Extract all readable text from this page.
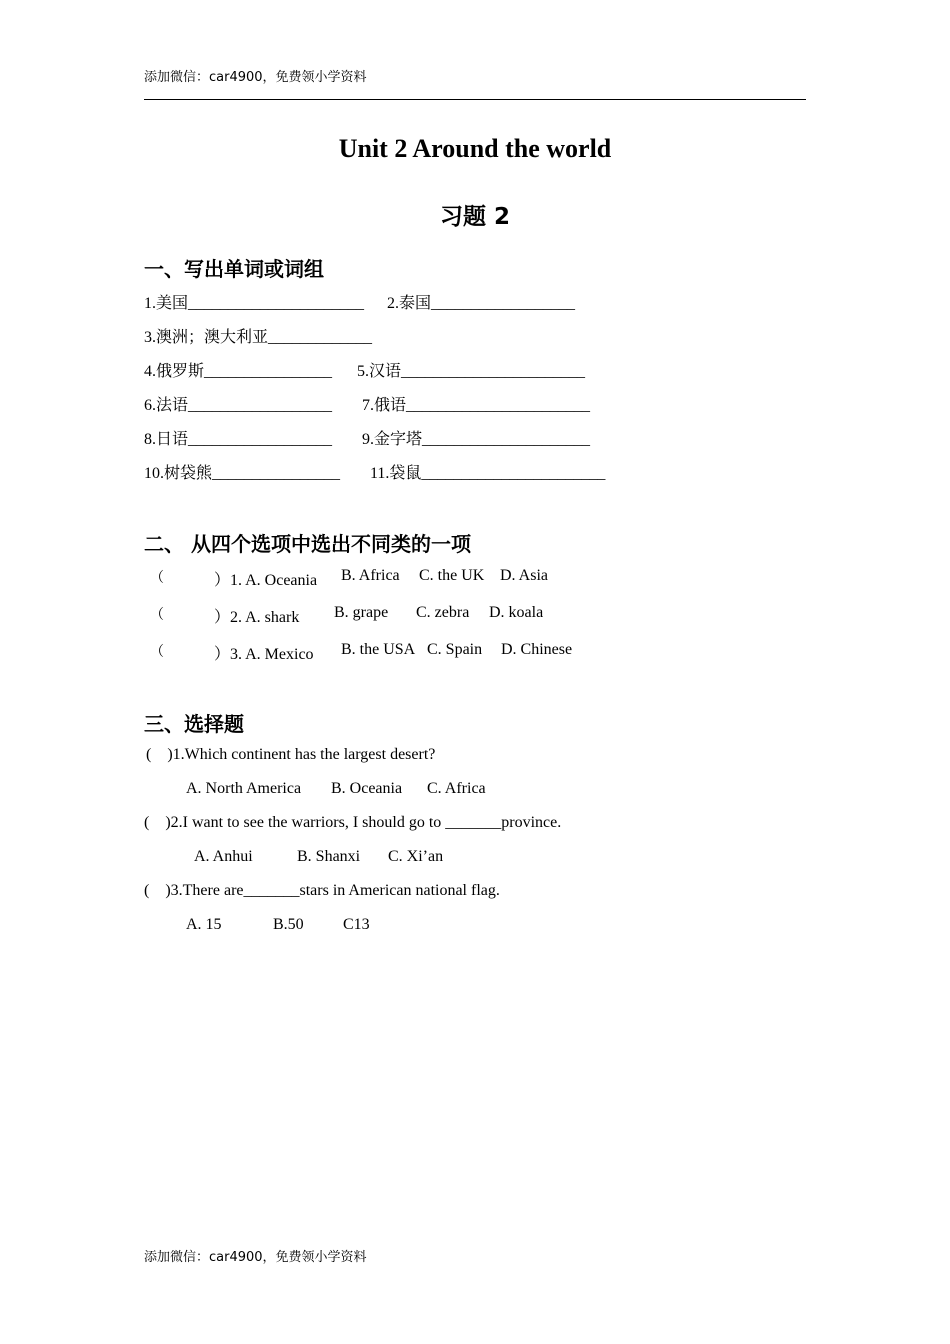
添加微信：car4900，免费领小学资料
Unit 2 Around the world
习题 2
一、写出单词或词组
1.美国______________________ 2.泰国__________________
3.澳洲；澳大利亚_____________
4.俄罗斯________________ 5.汉语_______________________
6.法语__________________ 7.俄语_______________________
8.日语__________________ 9.金字塔_____________________
10.树袋熊________________ 11.袋鼠_______________________
二、 从四个选项中选出不同类的一项
（	）1. A. Oceania B. Africa C. the UK D. Asia
（	）2. A. shark B. grape C. zebra D. koala
（	）3. A. Mexico B. the USA C. Spain D. Chinese
三、选择题
(    )1.Which continent has the largest desert?
A. North America B. Oceania C. Africa
(    )2.I want to see the warriors, I should go to _______province.
A. Anhui	B. Shanxi C. Xi’an
(    )3.There are_______stars in American national flag.
A. 15	B.50 C13
添加微信：car4900，免费领小学资料
